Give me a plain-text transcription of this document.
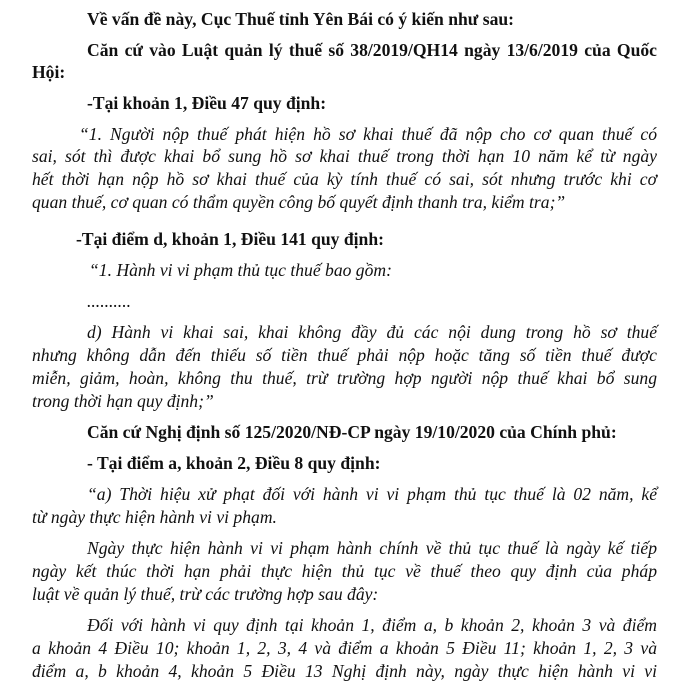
Về vấn đề này, Cục Thuế tỉnh Yên Bái có ý kiến như sau:

Căn cứ vào Luật quản lý thuế số 38/2019/QH14 ngày 13/6/2019 của Quốc

Hội:

-Tại khoản 1, Điều 47 quy định:

“1. Người nộp thuế phát hiện hồ sơ khai thuế đã nộp cho cơ quan thuế có

sai, sót thì được khai bổ sung hồ sơ khai thuế trong thời hạn 10 năm kể từ ngày

hết thời hạn nộp hồ sơ khai thuế của kỳ tính thuế có sai, sót nhưng trước khi cơ

quan thuế, cơ quan có thẩm quyền công bố quyết định thanh tra, kiểm tra;”

-Tại điểm d, khoản 1, Điều 141 quy định:

“1. Hành vi vi phạm thủ tục thuế bao gồm:

..........

d) Hành vi khai sai, khai không đầy đủ các nội dung trong hồ sơ thuế

nhưng không dẫn đến thiếu số tiền thuế phải nộp hoặc tăng số tiền thuế được

miễn, giảm, hoàn, không thu thuế, trừ trường hợp người nộp thuế khai bổ sung

trong thời hạn quy định;”

Căn cứ Nghị định số 125/2020/NĐ-CP ngày 19/10/2020 của Chính phủ:

- Tại điểm a, khoản 2, Điều 8 quy định:

“a) Thời hiệu xử phạt đối với hành vi vi phạm thủ tục thuế là 02 năm, kể

từ ngày thực hiện hành vi vi phạm.

Ngày thực hiện hành vi vi phạm hành chính về thủ tục thuế là ngày kế tiếp

ngày kết thúc thời hạn phải thực hiện thủ tục về thuế theo quy định của pháp

luật về quản lý thuế, trừ các trường hợp sau đây:

Đối với hành vi quy định tại khoản 1, điểm a, b khoản 2, khoản 3 và điểm

a khoản 4 Điều 10; khoản 1, 2, 3, 4 và điểm a khoản 5 Điều 11; khoản 1, 2, 3 và

điểm a, b khoản 4, khoản 5 Điều 13 Nghị định này, ngày thực hiện hành vi vi
